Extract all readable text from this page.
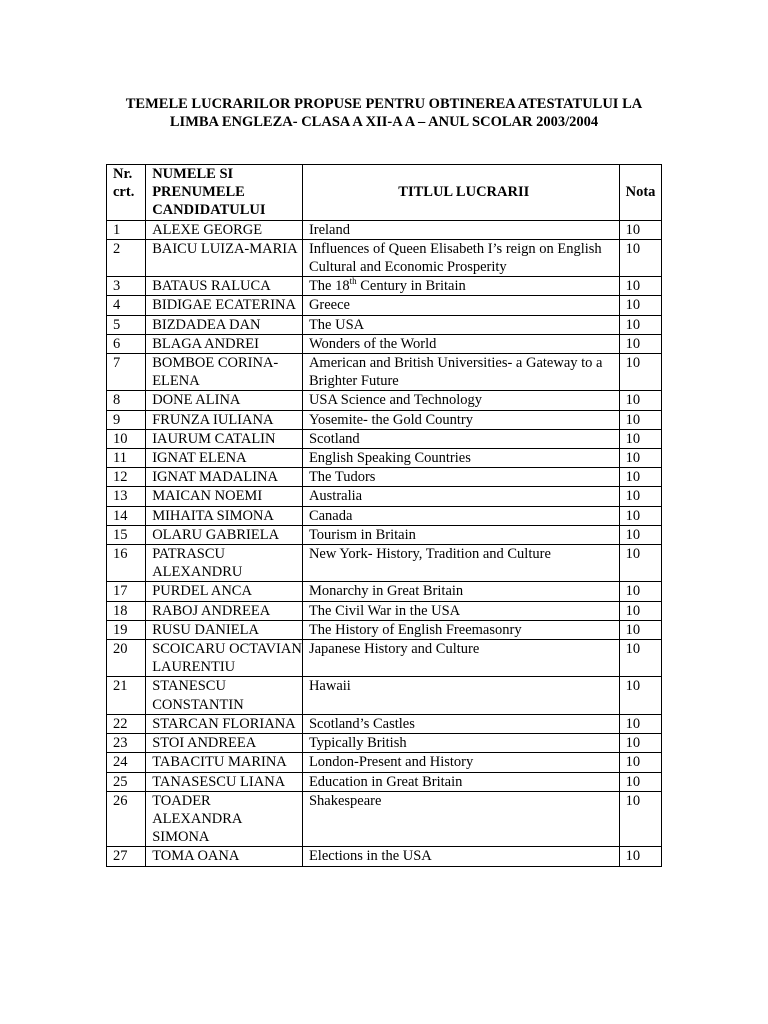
TEMELE LUCRARILOR PROPUSE PENTRU OBTINEREA ATESTATULUI LA
LIMBA ENGLEZA- CLASA A XII-A A – ANUL SCOLAR 2003/2004
Nr.
crt.	NUMELE SI
PRENUMELE
CANDIDATULUI	TITLUL LUCRARII	Nota
1	ALEXE GEORGE	Ireland	10
2	BAICU LUIZA-MARIA	Influences of Queen Elisabeth I’s reign on English Cultural and Economic Prosperity	10
3	BATAUS RALUCA	The 18th Century in Britain	10
4	BIDIGAE ECATERINA	Greece	10
5	BIZDADEA DAN	The USA	10
6	BLAGA ANDREI	Wonders of the World	10
7	BOMBOE CORINA-ELENA	American and British Universities- a Gateway to a Brighter Future	10
8	DONE ALINA	USA Science and Technology	10
9	FRUNZA IULIANA	Yosemite- the Gold Country	10
10	IAURUM CATALIN	Scotland	10
11	IGNAT ELENA	English Speaking Countries	10
12	IGNAT MADALINA	The Tudors	10
13	MAICAN NOEMI	Australia	10
14	MIHAITA SIMONA	Canada	10
15	OLARU GABRIELA	Tourism in Britain	10
16	PATRASCU ALEXANDRU	New York- History, Tradition and Culture	10
17	PURDEL ANCA	Monarchy in Great Britain	10
18	RABOJ ANDREEA	The Civil War in the USA	10
19	RUSU DANIELA	The History of English Freemasonry	10
20	SCOICARU OCTAVIAN LAURENTIU	Japanese History and Culture	10
21	STANESCU CONSTANTIN	Hawaii	10
22	STARCAN FLORIANA	Scotland’s Castles	10
23	STOI ANDREEA	Typically British	10
24	TABACITU MARINA	London-Present and History	10
25	TANASESCU LIANA	Education in Great Britain	10
26	TOADER ALEXANDRA SIMONA	Shakespeare	10
27	TOMA OANA	Elections in the USA	10
